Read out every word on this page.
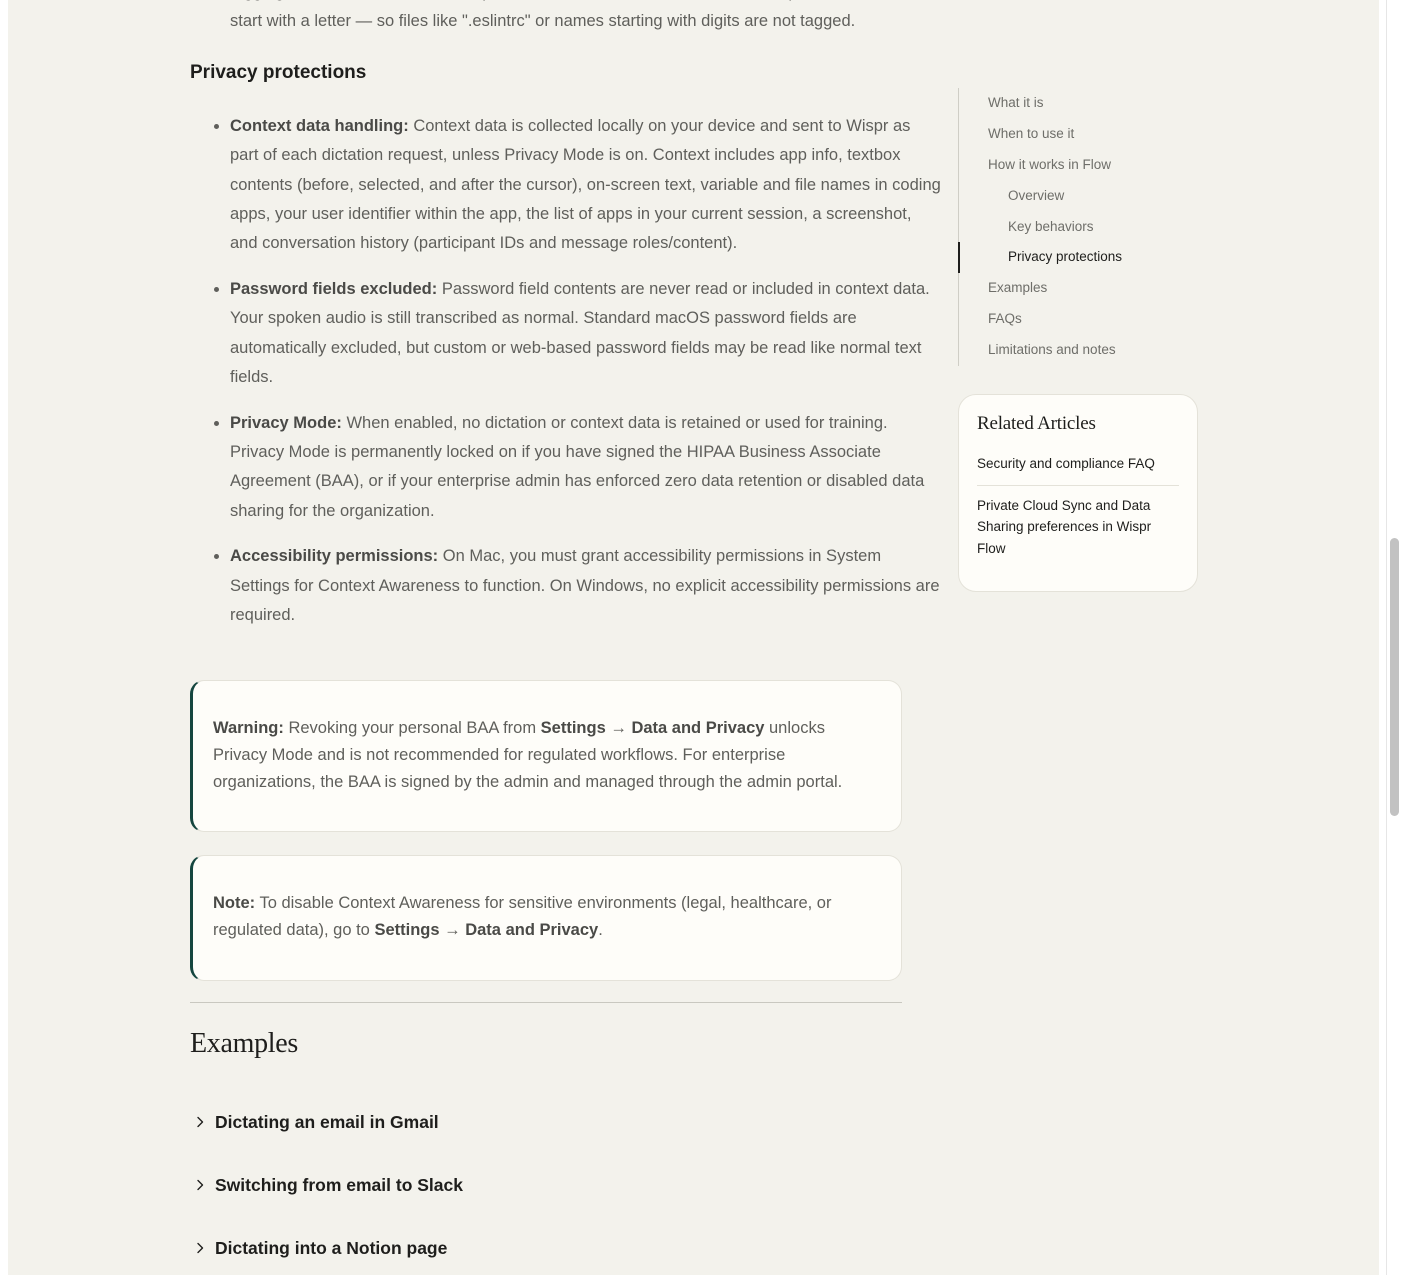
start with a letter — so files like ".eslintrc" or names starting with digits are not tagged.
Privacy protections
• Context data handling: Context data is collected locally on your device and sent to Wispr as part of each dictation request, unless Privacy Mode is on. Context includes app info, textbox contents (before, selected, and after the cursor), on-screen text, variable and file names in coding apps, your user identifier within the app, the list of apps in your current session, a screenshot, and conversation history (participant IDs and message roles/content).
• Password fields excluded: Password field contents are never read or included in context data. Your spoken audio is still transcribed as normal. Standard macOS password fields are automatically excluded, but custom or web-based password fields may be read like normal text fields.
• Privacy Mode: When enabled, no dictation or context data is retained or used for training. Privacy Mode is permanently locked on if you have signed the HIPAA Business Associate Agreement (BAA), or if your enterprise admin has enforced zero data retention or disabled data sharing for the organization.
• Accessibility permissions: On Mac, you must grant accessibility permissions in System Settings for Context Awareness to function. On Windows, no explicit accessibility permissions are required.
Warning: Revoking your personal BAA from Settings → Data and Privacy unlocks Privacy Mode and is not recommended for regulated workflows. For enterprise organizations, the BAA is signed by the admin and managed through the admin portal.
Note: To disable Context Awareness for sensitive environments (legal, healthcare, or regulated data), go to Settings → Data and Privacy.
Examples
Dictating an email in Gmail
Switching from email to Slack
Dictating into a Notion page
What it is
When to use it
How it works in Flow
Overview
Key behaviors
Privacy protections
Examples
FAQs
Limitations and notes
Related Articles
Security and compliance FAQ
Private Cloud Sync and Data Sharing preferences in Wispr Flow
